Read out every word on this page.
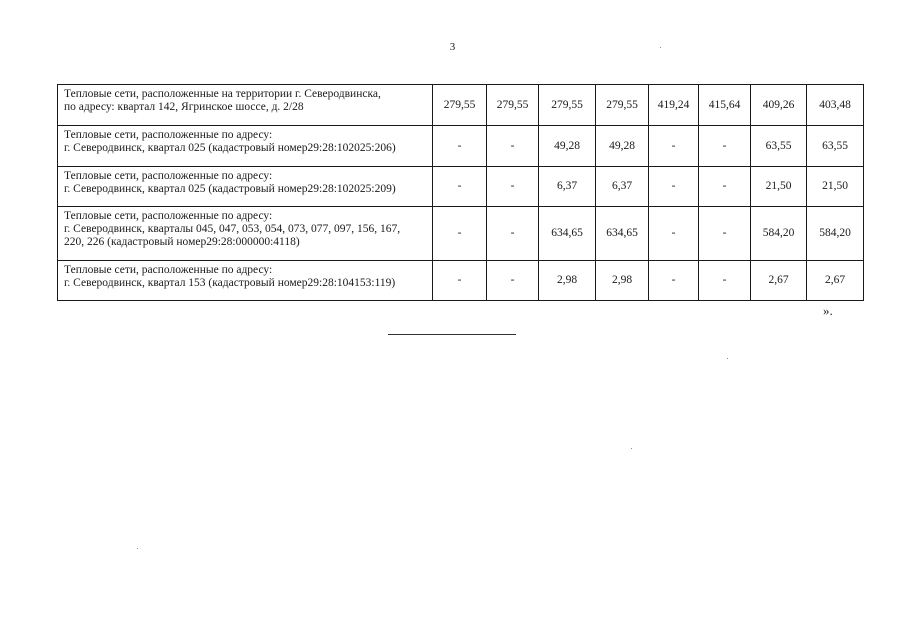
3
Тепловые сети, расположенные на территории г. Северодвинска,
по адресу: квартал 142, Ягринское шоссе, д. 2/28	279,55	279,55	279,55	279,55	419,24	415,64	409,26	403,48

Тепловые сети, расположенные по адресу:
г. Северодвинск, квартал 025 (кадастровый номер29:28:102025:206)	-	-	49,28	49,28	-	-	63,55	63,55

Тепловые сети, расположенные по адресу:
г. Северодвинск, квартал 025 (кадастровый номер29:28:102025:209)	-	-	6,37	6,37	-	-	21,50	21,50

Тепловые сети, расположенные по адресу:
г. Северодвинск, кварталы 045, 047, 053, 054, 073, 077, 097, 156, 167,
220, 226 (кадастровый номер29:28:000000:4118)	-	-	634,65	634,65	-	-	584,20	584,20

Тепловые сети, расположенные по адресу:
г. Северодвинск, квартал 153 (кадастровый номер29:28:104153:119)	-	-	2,98	2,98	-	-	2,67	2,67
».
